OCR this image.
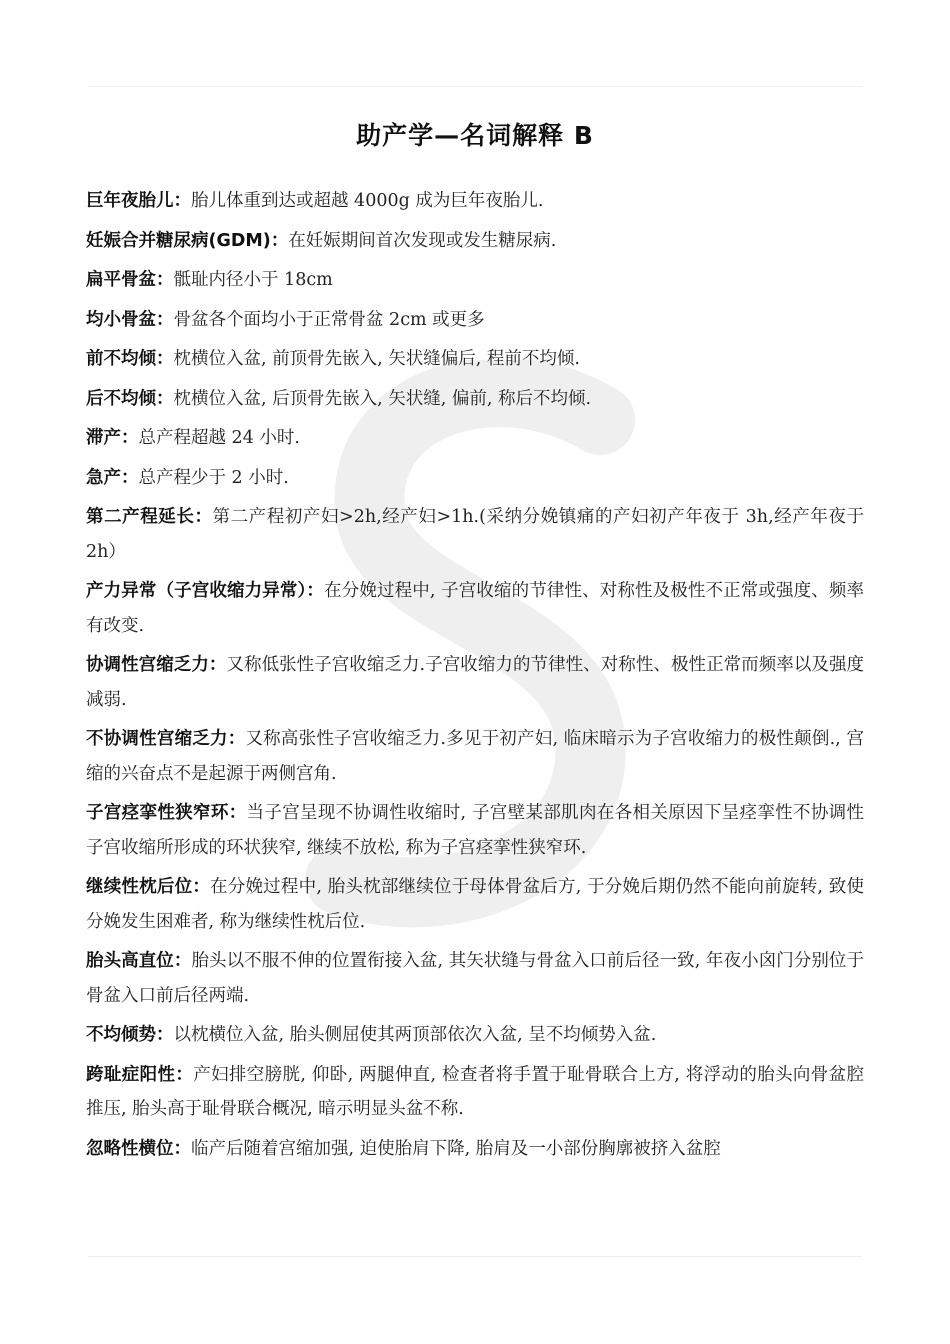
助产学—名词解释 B

巨年夜胎儿：胎儿体重到达或超越 4000g 成为巨年夜胎儿.

妊娠合并糖尿病(GDM)：在妊娠期间首次发现或发生糖尿病.

扁平骨盆：骶耻内径小于 18cm

均小骨盆：骨盆各个面均小于正常骨盆 2cm 或更多

前不均倾：枕横位入盆, 前顶骨先嵌入, 矢状缝偏后, 程前不均倾.

后不均倾：枕横位入盆, 后顶骨先嵌入, 矢状缝, 偏前, 称后不均倾.

滞产：总产程超越 24 小时.

急产：总产程少于 2 小时.

第二产程延长：第二产程初产妇>2h,经产妇>1h.(采纳分娩镇痛的产妇初产年夜于 3h,经产年夜于 2h）

产力异常（子宫收缩力异常）：在分娩过程中, 子宫收缩的节律性、对称性及极性不正常或强度、频率有改变.

协调性宫缩乏力：又称低张性子宫收缩乏力.子宫收缩力的节律性、对称性、极性正常而频率以及强度减弱.

不协调性宫缩乏力：又称高张性子宫收缩乏力.多见于初产妇, 临床暗示为子宫收缩力的极性颠倒., 宫缩的兴奋点不是起源于两侧宫角.

子宫痉挛性狭窄环：当子宫呈现不协调性收缩时, 子宫壁某部肌肉在各相关原因下呈痉挛性不协调性子宫收缩所形成的环状狭窄, 继续不放松, 称为子宫痉挛性狭窄环.

继续性枕后位：在分娩过程中, 胎头枕部继续位于母体骨盆后方, 于分娩后期仍然不能向前旋转, 致使分娩发生困难者, 称为继续性枕后位.

胎头高直位：胎头以不服不伸的位置衔接入盆, 其矢状缝与骨盆入口前后径一致, 年夜小囟门分别位于骨盆入口前后径两端.

不均倾势：以枕横位入盆, 胎头侧屈使其两顶部依次入盆, 呈不均倾势入盆.

跨耻症阳性：产妇排空膀胱, 仰卧, 两腿伸直, 检查者将手置于耻骨联合上方, 将浮动的胎头向骨盆腔推压, 胎头高于耻骨联合概况, 暗示明显头盆不称.

忽略性横位：临产后随着宫缩加强, 迫使胎肩下降, 胎肩及一小部份胸廓被挤入盆腔
